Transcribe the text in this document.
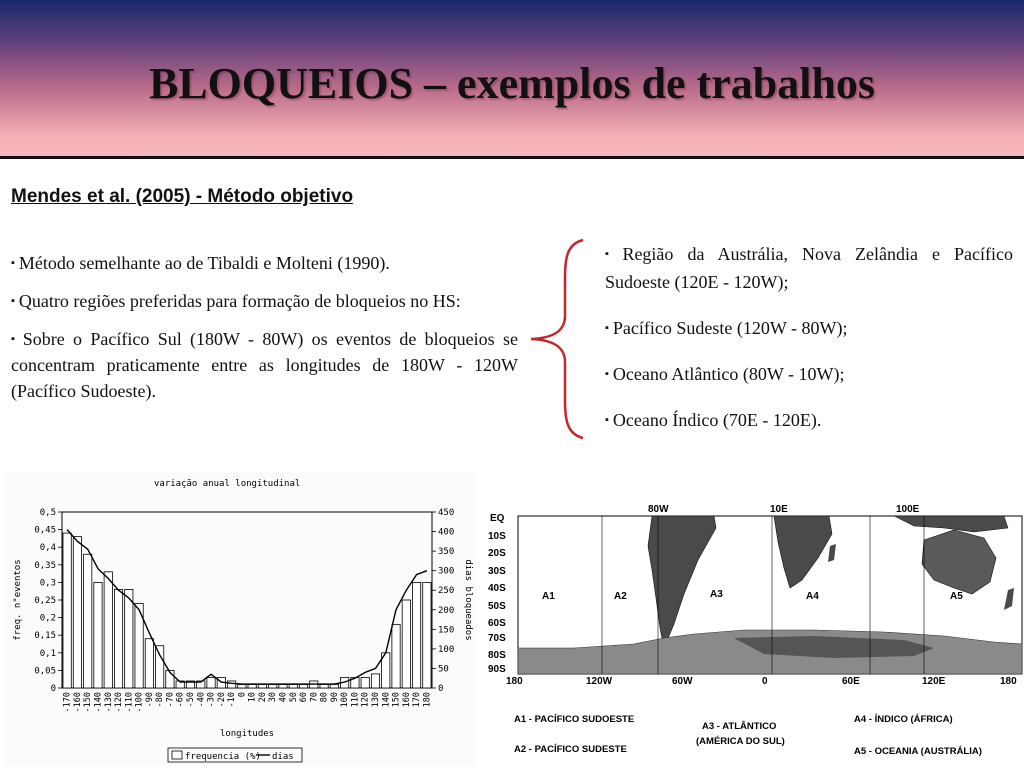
BLOQUEIOS – exemplos de trabalhos
Mendes et al. (2005) - Método objetivo

▪ Método semelhante ao de Tibaldi e Molteni (1990).

▪ Quatro regiões preferidas para formação de bloqueios no HS:

▪ Sobre o Pacífico Sul (180W - 80W) os eventos de bloqueios se concentram praticamente entre as longitudes de 180W - 120W (Pacífico Sudoeste).

▪ Região da Austrália, Nova Zelândia e Pacífico Sudoeste (120E - 120W);

▪ Pacífico Sudeste (120W - 80W);

▪ Oceano Atlântico (80W - 10W);

▪ Oceano Índico (70E - 120E).

variação anual longitudinal
0
0,05
0,1
0,15
0,2
0,25
0,3
0,35
0,4
0,45
0,5
0
50
100
150
200
250
300
350
400
450
-170 -160 -150 -140 -130 -120 -110 -100 -90 -80 -70 -60 -50 -40 -30 -20 -10 0 10 20 30 40 50 60 70 80 90 100 110 120 130 140 150 160 170 180
longitudes
freq. n°eventos	dias bloqueados
frequencia (%) dias
80W	10E	100E
EQ
10S
20S
30S
40S
50S
60S
70S
80S
90S
A1	A2	A3	A4	A5
180	120W	60W	0	60E	120E	180
A1 - PACÍFICO SUDOESTE
A2 - PACÍFICO SUDESTE
A3 - ATLÂNTICO
(AMÉRICA DO SUL)
A4 - ÍNDICO (ÁFRICA)
A5 - OCEANIA (AUSTRÁLIA)
